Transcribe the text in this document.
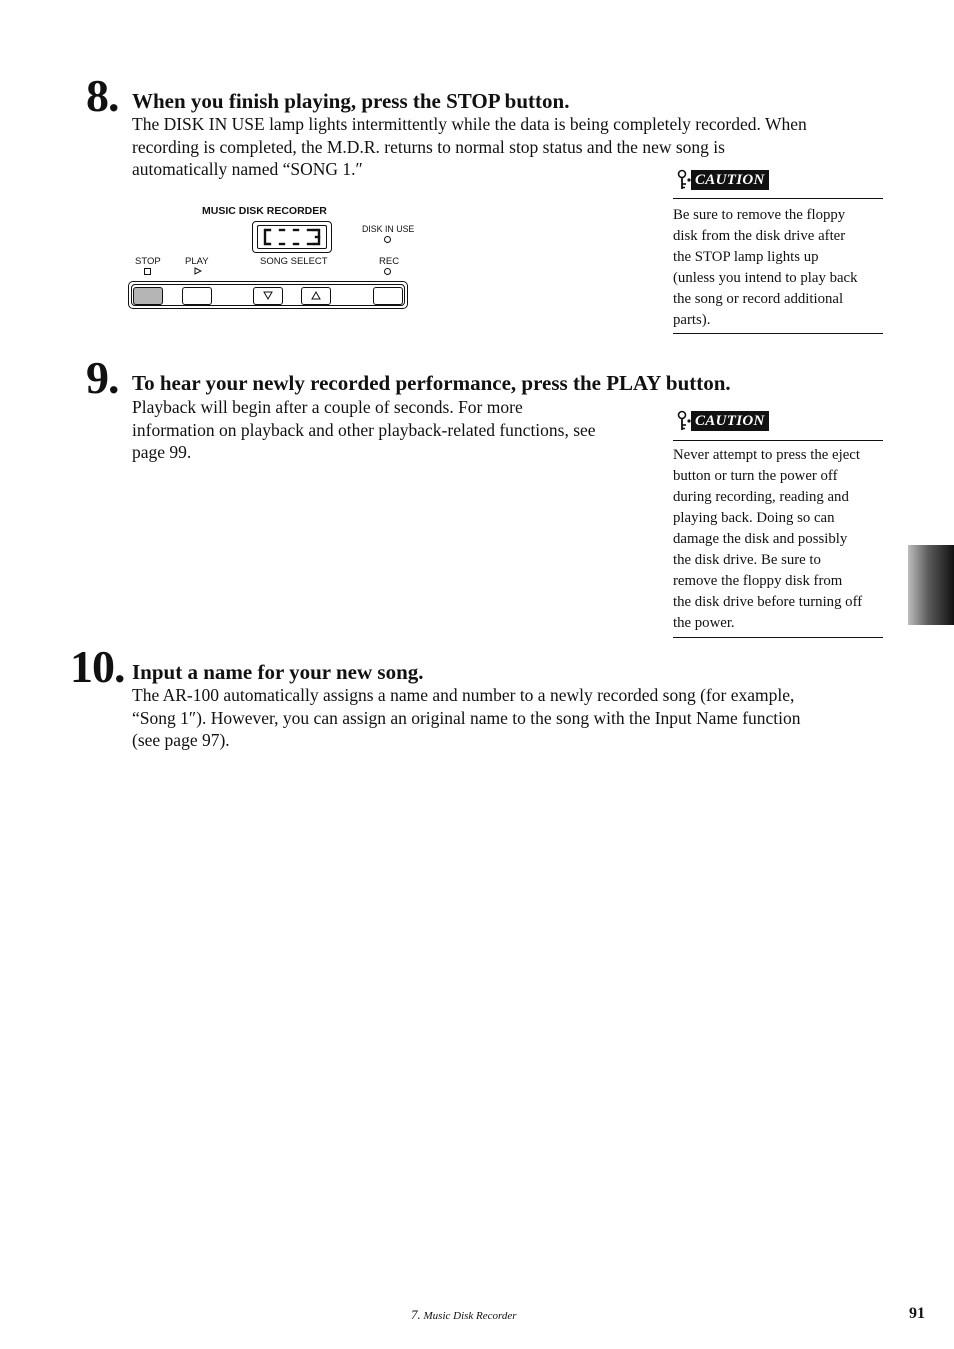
8. When you finish playing, press the STOP button.
The DISK IN USE lamp lights intermittently while the data is being completely recorded. When
recording is completed, the M.D.R. returns to normal stop status and the new song is
automatically named “SONG 1.″
MUSIC DISK RECORDER
DISK IN USE
STOP	PLAY	SONG SELECT	REC
CAUTION
Be sure to remove the floppy
disk from the disk drive after
the STOP lamp lights up
(unless you intend to play back
the song or record additional
parts).
9. To hear your newly recorded performance, press the PLAY button.
Playback will begin after a couple of seconds. For more
information on playback and other playback-related functions, see
page 99.
CAUTION
Never attempt to press the eject
button or turn the power off
during recording, reading and
playing back. Doing so can
damage the disk and possibly
the disk drive. Be sure to
remove the floppy disk from
the disk drive before turning off
the power.
10. Input a name for your new song.
The AR-100 automatically assigns a name and number to a newly recorded song (for example,
“Song 1″). However, you can assign an original name to the song with the Input Name function
(see page 97).
7. Music Disk Recorder	91
